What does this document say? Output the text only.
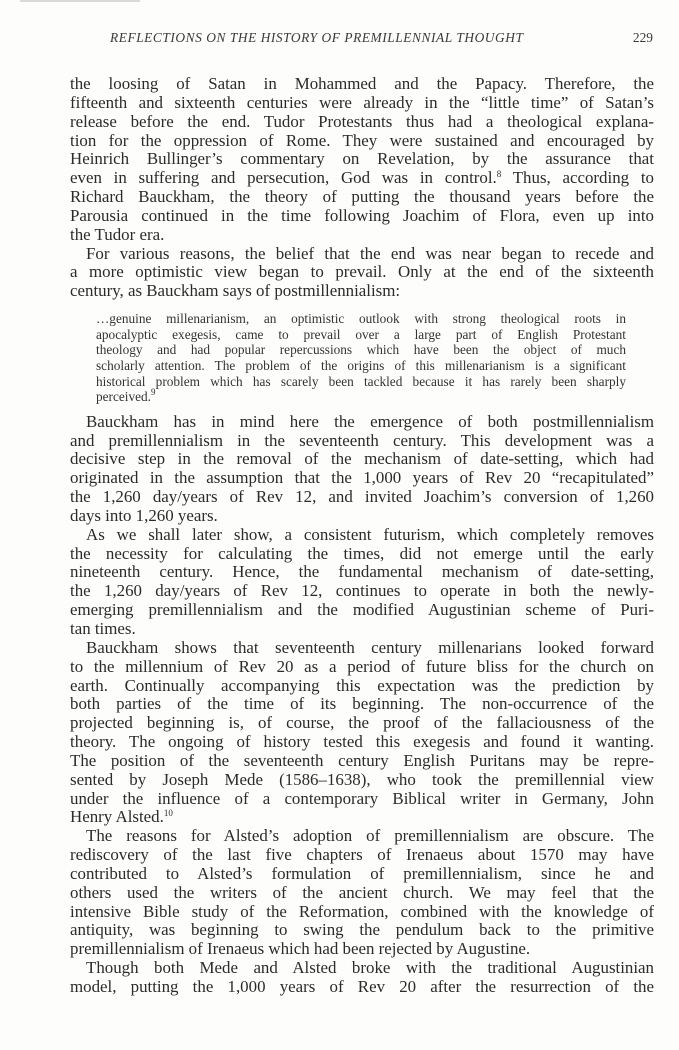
REFLECTIONS ON THE HISTORY OF PREMILLENNIAL THOUGHT	229
the loosing of Satan in Mohammed and the Papacy. Therefore, the
fifteenth and sixteenth centuries were already in the “little time” of Satan’s
release before the end. Tudor Protestants thus had a theological explana-
tion for the oppression of Rome. They were sustained and encouraged by
Heinrich Bullinger’s commentary on Revelation, by the assurance that
even in suffering and persecution, God was in control.$^8$ Thus, according to
Richard Bauckham, the theory of putting the thousand years before the
Parousia continued in the time following Joachim of Flora, even up into
the Tudor era.
For various reasons, the belief that the end was near began to recede and
a more optimistic view began to prevail. Only at the end of the sixteenth
century, as Bauckham says of postmillennialism:
…genuine millenarianism, an optimistic outlook with strong theological roots in
apocalyptic exegesis, came to prevail over a large part of English Protestant
theology and had popular repercussions which have been the object of much
scholarly attention. The problem of the origins of this millenarianism is a significant
historical problem which has scarely been tackled because it has rarely been sharply
perceived.$^9$
Bauckham has in mind here the emergence of both postmillennialism
and premillennialism in the seventeenth century. This development was a
decisive step in the removal of the mechanism of date-setting, which had
originated in the assumption that the 1,000 years of Rev 20 “recapitulated”
the 1,260 day/years of Rev 12, and invited Joachim’s conversion of 1,260
days into 1,260 years.
As we shall later show, a consistent futurism, which completely removes
the necessity for calculating the times, did not emerge until the early
nineteenth century. Hence, the fundamental mechanism of date-setting,
the 1,260 day/years of Rev 12, continues to operate in both the newly-
emerging premillennialism and the modified Augustinian scheme of Puri-
tan times.
Bauckham shows that seventeenth century millenarians looked forward
to the millennium of Rev 20 as a period of future bliss for the church on
earth. Continually accompanying this expectation was the prediction by
both parties of the time of its beginning. The non-occurrence of the
projected beginning is, of course, the proof of the fallaciousness of the
theory. The ongoing of history tested this exegesis and found it wanting.
The position of the seventeenth century English Puritans may be repre-
sented by Joseph Mede (1586–1638), who took the premillennial view
under the influence of a contemporary Biblical writer in Germany, John
Henry Alsted.$^{10}$
The reasons for Alsted’s adoption of premillennialism are obscure. The
rediscovery of the last five chapters of Irenaeus about 1570 may have
contributed to Alsted’s formulation of premillennialism, since he and
others used the writers of the ancient church. We may feel that the
intensive Bible study of the Reformation, combined with the knowledge of
antiquity, was beginning to swing the pendulum back to the primitive
premillennialism of Irenaeus which had been rejected by Augustine.
Though both Mede and Alsted broke with the traditional Augustinian
model, putting the 1,000 years of Rev 20 after the resurrection of the
